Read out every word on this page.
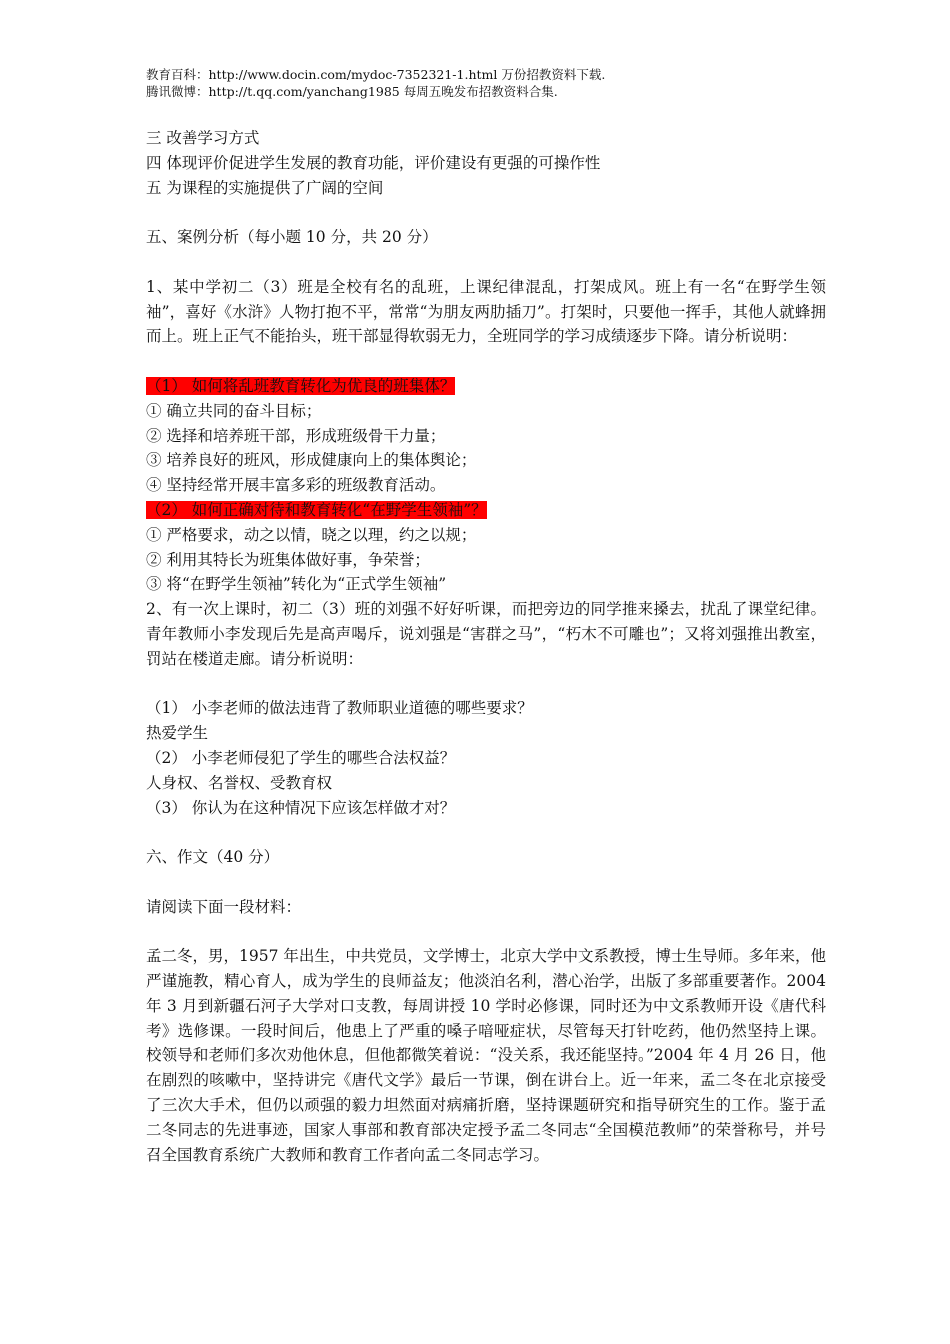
教育百科：http://www.docin.com/mydoc-7352321-1.html 万份招教资料下载.
腾讯微博：http://t.qq.com/yanchang1985 每周五晚发布招教资料合集.

三 改善学习方式

四 体现评价促进学生发展的教育功能，评价建设有更强的可操作性

五 为课程的实施提供了广阔的空间

五、案例分析（每小题 10 分，共 20 分）

1、某中学初二（3）班是全校有名的乱班，上课纪律混乱，打架成风。班上有一名“在野学生领袖”，喜好《水浒》人物打抱不平，常常“为朋友两肋插刀”。打架时，只要他一挥手，其他人就蜂拥而上。班上正气不能抬头，班干部显得软弱无力，全班同学的学习成绩逐步下降。请分析说明：

（1） 如何将乱班教育转化为优良的班集体？

① 确立共同的奋斗目标；

② 选择和培养班干部，形成班级骨干力量；

③ 培养良好的班风，形成健康向上的集体舆论；

④ 坚持经常开展丰富多彩的班级教育活动。

（2） 如何正确对待和教育转化“在野学生领袖”？

① 严格要求，动之以情，晓之以理，约之以规；

② 利用其特长为班集体做好事，争荣誉；

③ 将“在野学生领袖”转化为“正式学生领袖”

2、有一次上课时，初二（3）班的刘强不好好听课，而把旁边的同学推来搡去，扰乱了课堂纪律。青年教师小李发现后先是高声喝斥，说刘强是“害群之马”，“朽木不可雕也”；又将刘强推出教室，罚站在楼道走廊。请分析说明：

（1） 小李老师的做法违背了教师职业道德的哪些要求？

热爱学生

（2） 小李老师侵犯了学生的哪些合法权益？

人身权、名誉权、受教育权

（3） 你认为在这种情况下应该怎样做才对？

六、作文（40 分）

请阅读下面一段材料：

孟二冬，男，1957 年出生，中共党员，文学博士，北京大学中文系教授，博士生导师。多年来，他严谨施教，精心育人，成为学生的良师益友；他淡泊名利，潜心治学，出版了多部重要著作。2004 年 3 月到新疆石河子大学对口支教，每周讲授 10 学时必修课，同时还为中文系教师开设《唐代科考》选修课。一段时间后，他患上了严重的嗓子喑哑症状，尽管每天打针吃药，他仍然坚持上课。校领导和老师们多次劝他休息，但他都微笑着说：“没关系，我还能坚持。”2004 年 4 月 26 日，他在剧烈的咳嗽中，坚持讲完《唐代文学》最后一节课，倒在讲台上。近一年来，孟二冬在北京接受了三次大手术，但仍以顽强的毅力坦然面对病痛折磨，坚持课题研究和指导研究生的工作。鉴于孟二冬同志的先进事迹，国家人事部和教育部决定授予孟二冬同志“全国模范教师”的荣誉称号，并号召全国教育系统广大教师和教育工作者向孟二冬同志学习。
